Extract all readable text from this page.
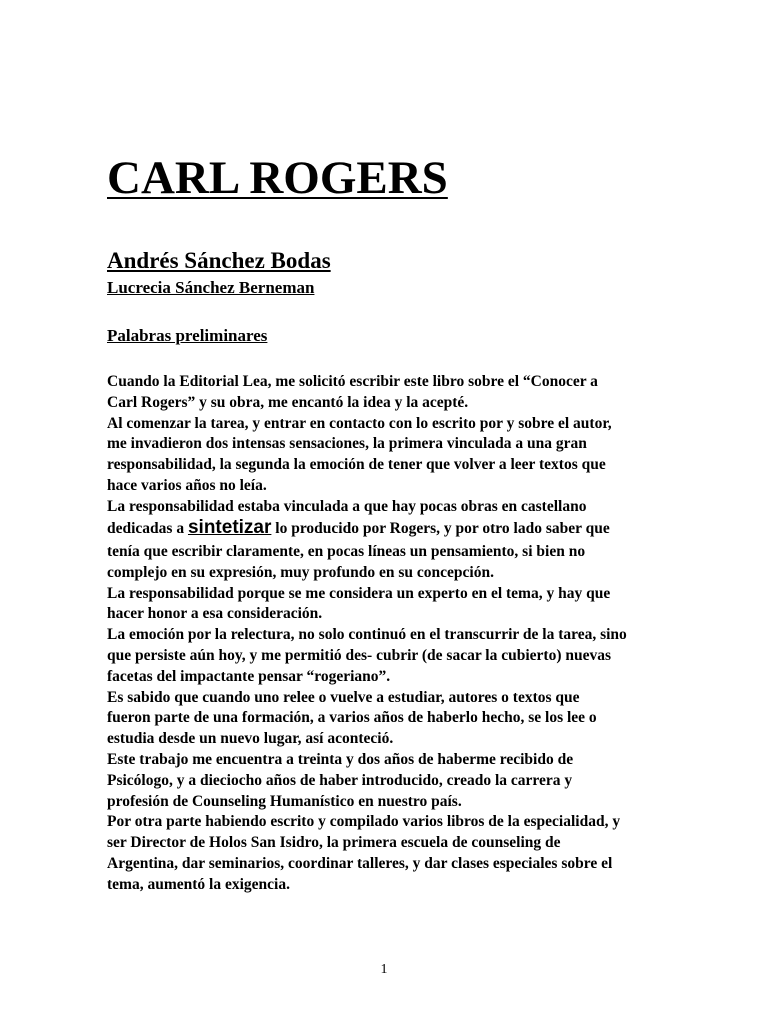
CARL ROGERS
Andrés Sánchez Bodas
Lucrecia Sánchez Berneman
Palabras preliminares
Cuando la Editorial Lea, me solicitó escribir este libro sobre el “Conocer a
Carl Rogers” y su obra, me encantó la idea y la acepté.
Al comenzar la tarea, y entrar en contacto con lo escrito por y sobre el autor,
me invadieron dos intensas sensaciones, la primera vinculada a una gran
responsabilidad, la segunda la emoción de tener que volver a leer textos que
hace varios años no leía.
La responsabilidad estaba vinculada a que hay pocas obras en castellano
dedicadas a sintetizar lo producido por Rogers, y por otro lado saber que
tenía que escribir claramente, en pocas líneas un pensamiento, si bien no
complejo en su expresión, muy profundo en su concepción.
La responsabilidad porque se me considera un experto en el tema, y hay que
hacer honor a esa consideración.
La emoción por la relectura, no solo continuó en el transcurrir de la tarea, sino
que persiste aún hoy, y me permitió des- cubrir (de sacar la cubierto) nuevas
facetas del impactante pensar “rogeriano”.
Es sabido que cuando uno relee o vuelve a estudiar, autores o textos que
fueron parte de una formación, a varios años de haberlo hecho, se los lee o
estudia desde un nuevo lugar, así aconteció.
Este trabajo me encuentra a treinta y dos años de haberme recibido de
Psicólogo, y a dieciocho años de haber introducido, creado la carrera y
profesión de Counseling Humanístico en nuestro país.
Por otra parte habiendo escrito y compilado varios libros de la especialidad, y
ser Director de Holos San Isidro, la primera escuela de counseling de
Argentina, dar seminarios, coordinar talleres, y dar clases especiales sobre el
tema, aumentó la exigencia.
1
